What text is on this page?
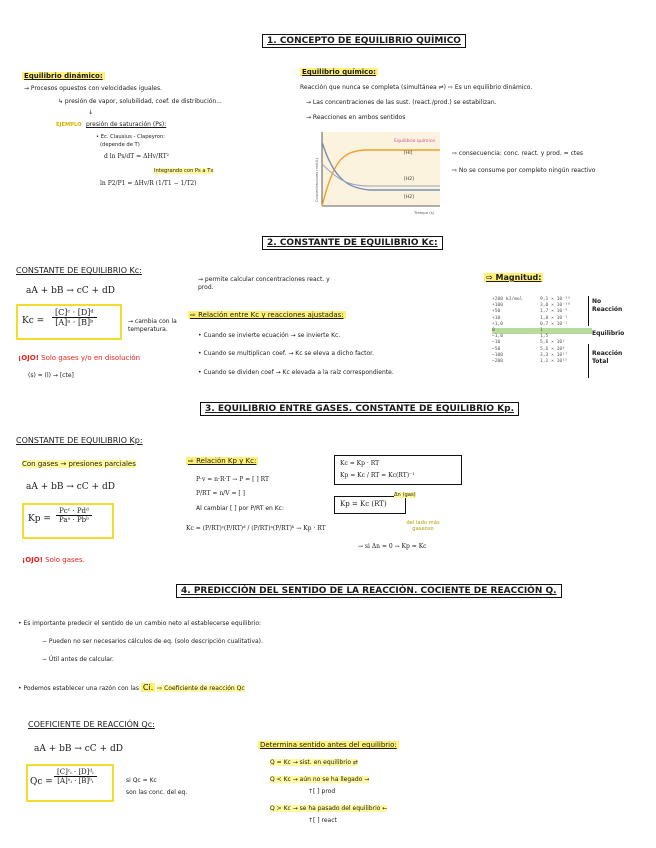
1. CONCEPTO DE EQUILIBRIO QUÍMICO
Equilibrio dinámico:
→ Procesos opuestos con velocidades iguales.
↳ presión de vapor, solubilidad, coef. de distribución...
↓
EJEMPLO presión de saturación (Ps):
• Ec. Clausius - Clapeyron:
(depende de T)
d ln Ps/dT = ΔHv/RT²
Integrando con Ps a Tx
ln P2/P1 = ΔHv/R (1/T1 − 1/T2)
Equilibrio químico:
Reacción que nunca se completa (simultánea ⇌) ⇨ Es un equilibrio dinámico.
→ Las concentraciones de las sust. (react./prod.) se estabilizan.
→ Reacciones en ambos sentidos
Equilibrio químico
[HI]
[H2]
[H2]
Tiempo (s)
Concentraciones (mol/L)
⇨ consecuencia: conc. react. y prod. = ctes
⇨ No se consume por completo ningún reactivo
2. CONSTANTE DE EQUILIBRIO Kc:
CONSTANTE DE EQUILIBRIO Kc:
aA + bB → cC + dD
$Kc = \frac{\text{[C]ᶜ · [D]ᵈ}}{\text{[A]ᵃ · [B]ᵇ}}$	→ cambia con la temperatura.
¡OJO! Solo gases y/o en disolución
(s) = (l) → [cte]
→ permite calcular concentraciones react. y prod.
⇨ Relación entre Kc y reacciones ajustadas:
• Cuando se invierte ecuación → se invierte Kc.
• Cuando se multiplican coef. → Kc se eleva a dicho factor.
• Cuando se dividen coef → Kc elevada a la raíz correspondiente.
⇨ Magnitud:
+200 kJ/mol
+100
+50
+10
+1,0
0
−1,0
−10
−50
−100
−200
9,1 × 10⁻³⁶
3,0 × 10⁻¹⁸
1,7 × 10⁻⁹
1,8 × 10⁻²
0,7 × 10⁻¹
1
1,5
5,6 × 10¹
5,6 × 10⁸
3,3 × 10¹⁷
1,1 × 10³⁵
No Reacción
Equilibrio
Reacción Total
3. EQUILIBRIO ENTRE GASES. CONSTANTE DE EQUILIBRIO Kp.
CONSTANTE DE EQUILIBRIO Kp:
Con gases → presiones parciales
aA + bB → cC + dD
Kp =
Pcᶜ · Pdᵈ
Paᵃ · Pbᵇ
¡OJO! Solo gases.
⇨ Relación Kp y Kc:
P·v = n·R·T → P = [ ] RT
P/RT = n/V = [ ]
Al cambiar [ ] por P/RT en Kc:
Kc = (P/RT)ᶜ(P/RT)ᵈ / (P/RT)ᵃ(P/RT)ᵇ → Kp · RT
Kc = Kp · RT
Kp = Kc / RT = Kc(RT)⁻¹
Kp = Kc (RT)
Δn (gas)
del lado más gaseoso
→ si Δn = 0 → Kp = Kc
4. PREDICCIÓN DEL SENTIDO DE LA REACCIÓN. COCIENTE DE REACCIÓN Q.
• Es importante predecir el sentido de un cambio neto al establecerse equilibrio:
− Pueden no ser necesarios cálculos de eq. (solo descripción cualitativa).
− Útil antes de calcular.
• Podemos establecer una razón con las Ci. ⇨ Coeficiente de reacción Qc
COEFICIENTE DE REACCIÓN Qc:
aA + bB → cC + dD
$Qc = \frac{\text{[C]ᶜᵢ · [D]ᵈᵢ}}{\text{[A]ᵃᵢ · [B]ᵇᵢ}}$	si Qc = Kc
son las conc. del eq.
Determina sentido antes del equilibrio:
Q = Kc → sist. en equilibrio ⇄
Q < Kc → aún no se ha llegado →
↑[ ] prod
Q > Kc → se ha pasado del equilibrio ←
↑[ ] react
